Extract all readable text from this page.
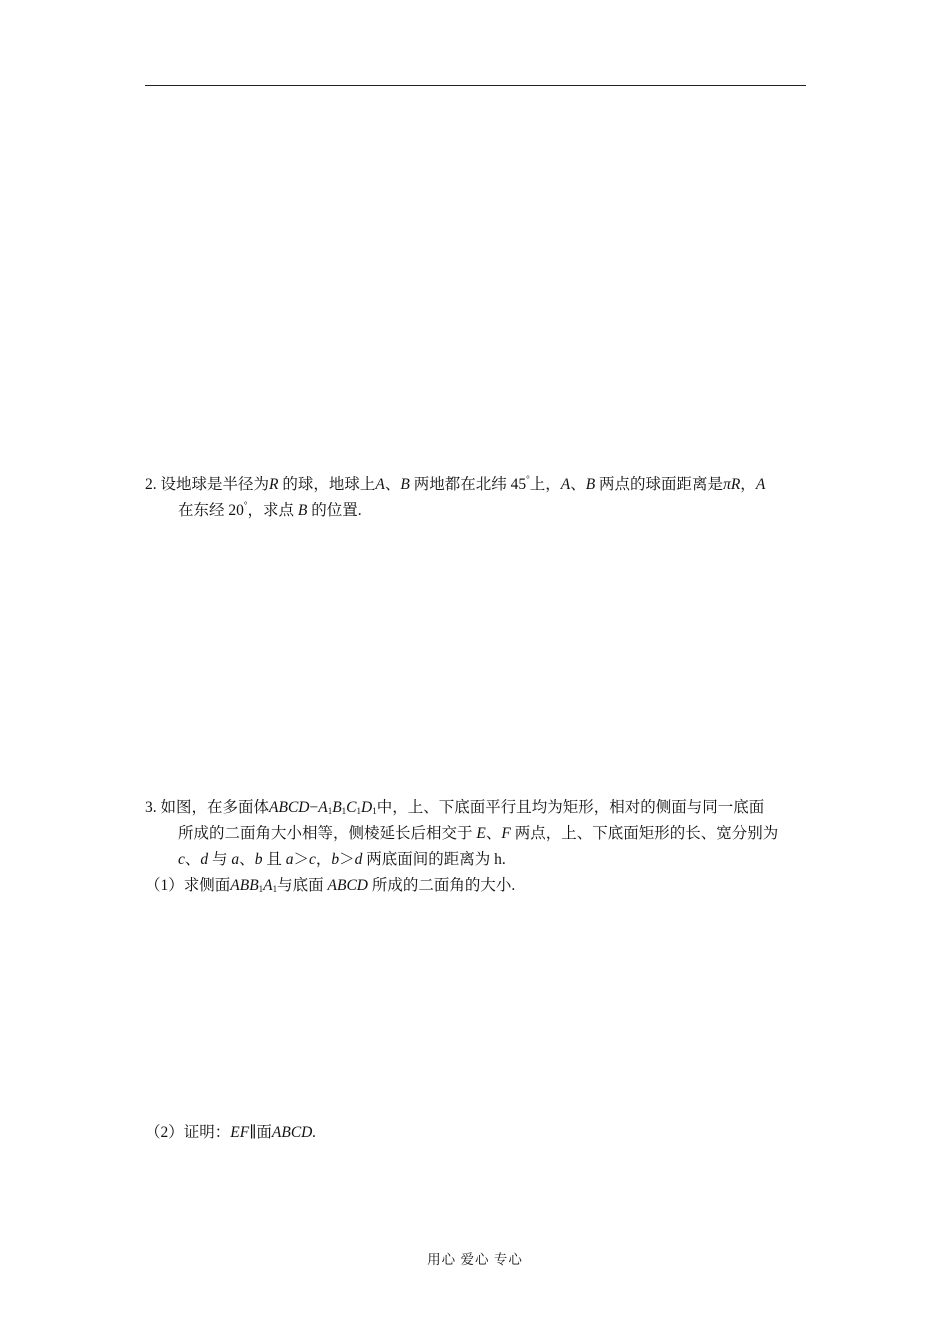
2. 设地球是半径为R 的球，地球上A、B 两地都在北纬 45°上，A、B 两点的球面距离是πR，A
在东经 20°，求点 B 的位置.
3. 如图，在多面体$ABCD-A_1B_1C_1D_1$中，上、下底面平行且均为矩形，相对的侧面与同一底面
所成的二面角大小相等，侧棱延长后相交于 E、F 两点，上、下底面矩形的长、宽分别为
c、d 与 a、b 且 a＞c，b＞d 两底面间的距离为 h.
（1）求侧面$ABB_1A_1$与底面 ABCD 所成的二面角的大小.
（2）证明：EF∥面ABCD.
用心 爱心 专心
